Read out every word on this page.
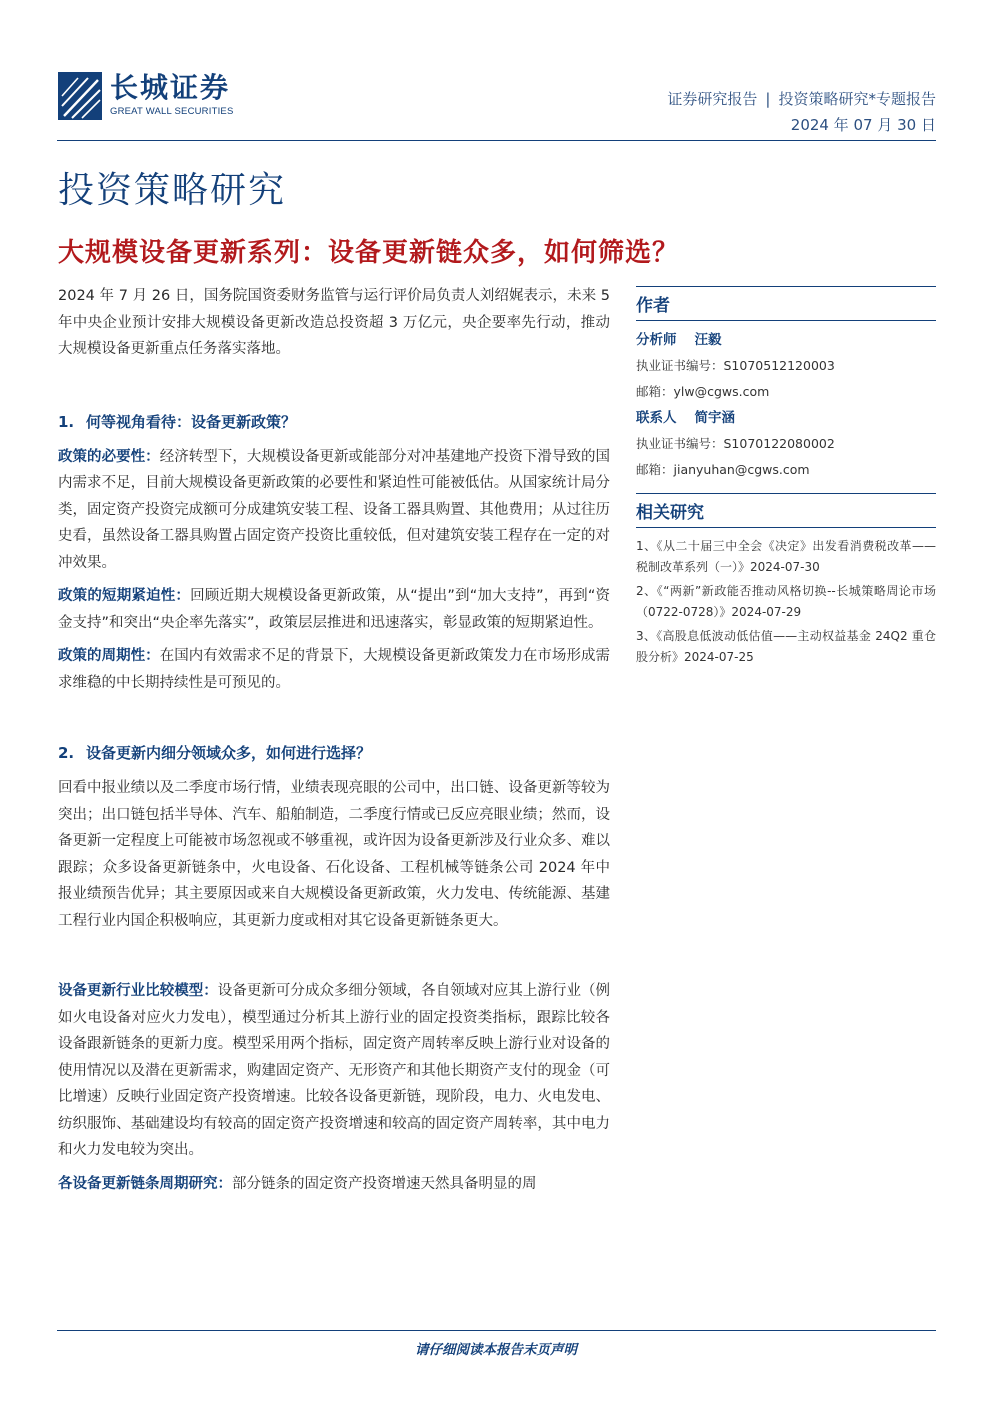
长城证券
GREAT WALL SECURITIES
证券研究报告 | 投资策略研究*专题报告
2024 年 07 月 30 日
投资策略研究
大规模设备更新系列：设备更新链众多，如何筛选？

2024 年 7 月 26 日，国务院国资委财务监管与运行评价局负责人刘绍娓表示，未来 5 年中央企业预计安排大规模设备更新改造总投资超 3 万亿元，央企要率先行动，推动大规模设备更新重点任务落实落地。

1. 何等视角看待：设备更新政策？

政策的必要性：经济转型下，大规模设备更新或能部分对冲基建地产投资下滑导致的国内需求不足，目前大规模设备更新政策的必要性和紧迫性可能被低估。从国家统计局分类，固定资产投资完成额可分成建筑安装工程、设备工器具购置、其他费用；从过往历史看，虽然设备工器具购置占固定资产投资比重较低，但对建筑安装工程存在一定的对冲效果。

政策的短期紧迫性：回顾近期大规模设备更新政策，从“提出”到“加大支持”，再到“资金支持”和突出“央企率先落实”，政策层层推进和迅速落实，彰显政策的短期紧迫性。

政策的周期性：在国内有效需求不足的背景下，大规模设备更新政策发力在市场形成需求维稳的中长期持续性是可预见的。

2. 设备更新内细分领域众多，如何进行选择？

回看中报业绩以及二季度市场行情，业绩表现亮眼的公司中，出口链、设备更新等较为突出；出口链包括半导体、汽车、船舶制造，二季度行情或已反应亮眼业绩；然而，设备更新一定程度上可能被市场忽视或不够重视，或许因为设备更新涉及行业众多、难以跟踪；众多设备更新链条中，火电设备、石化设备、工程机械等链条公司 2024 年中报业绩预告优异；其主要原因或来自大规模设备更新政策，火力发电、传统能源、基建工程行业内国企积极响应，其更新力度或相对其它设备更新链条更大。

设备更新行业比较模型：设备更新可分成众多细分领域，各自领域对应其上游行业（例如火电设备对应火力发电），模型通过分析其上游行业的固定投资类指标，跟踪比较各设备跟新链条的更新力度。模型采用两个指标，固定资产周转率反映上游行业对设备的使用情况以及潜在更新需求，购建固定资产、无形资产和其他长期资产支付的现金（可比增速）反映行业固定资产投资增速。比较各设备更新链，现阶段，电力、火电发电、纺织服饰、基础建设均有较高的固定资产投资增速和较高的固定资产周转率，其中电力和火力发电较为突出。

各设备更新链条周期研究：部分链条的固定资产投资增速天然具备明显的周

作者

分析师 汪毅
执业证书编号：S1070512120003
邮箱：ylw@cgws.com
联系人 简宇涵
执业证书编号：S1070122080002
邮箱：jianyuhan@cgws.com

相关研究

1、《从二十届三中全会《决定》出发看消费税改革——税制改革系列（一）》2024-07-30
2、《“两新”新政能否推动风格切换--长城策略周论市场（0722-0728）》2024-07-29
3、《高股息低波动低估值——主动权益基金 24Q2 重仓股分析》2024-07-25
请仔细阅读本报告末页声明
